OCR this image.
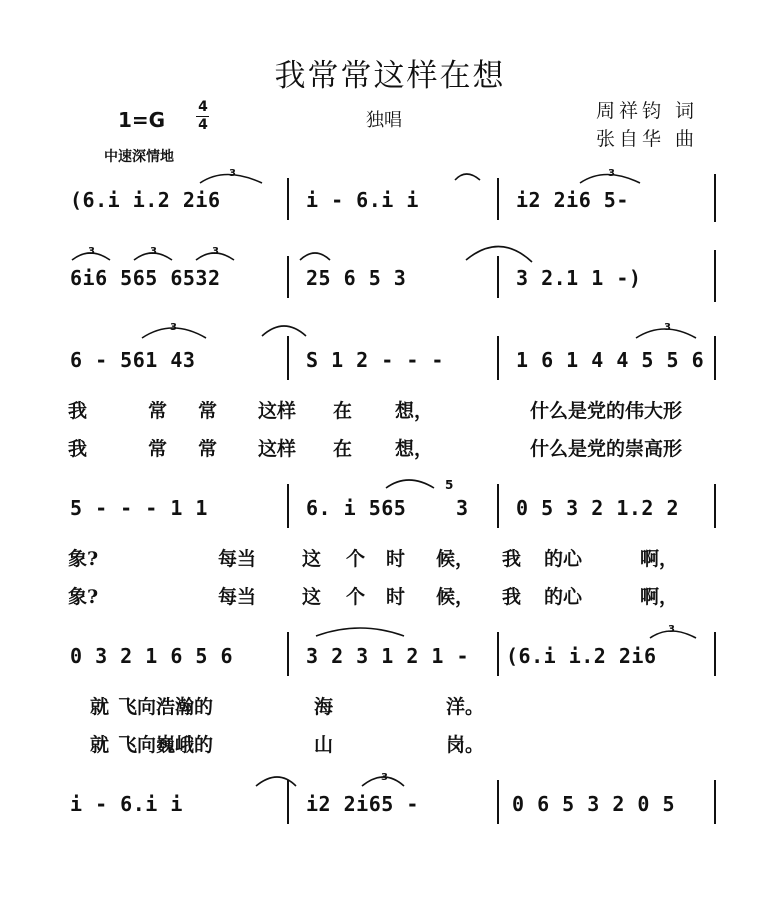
我常常这样在想
1=G
4
4	独唱	周祥钧 词
张自华 曲
中速深情地
(6.i i.2 2i6	i - 6.i i	i2 2i6 5-
6i6 565 6532	25 6 5 3	3 2.1 1 -)
6 - 561 43	S 1 2 - - -	1 6 1 4 4 5 5 6
我	常 常 这样 在 想，	什么是党的伟大形
我	常 常 这样 在 想，	什么是党的崇高形
5 - - - 1 1	6. i 565
5
3 0 5 3 2 1.2 2
象?	每当 这 个 时 候， 我 的心	啊，
象?	每当 这 个 时 候， 我 的心	啊，
0 3 2 1 6 5 6	3 2 3 1 2 1 - (6.i i.2 2i6
就 飞向浩瀚的	海	洋。
就 飞向巍峨的	山	岗。
i - 6.i i	i2 2i65 -	0 6 5 3 2 0 5
3	3
3	3	3
3	3
3
3
